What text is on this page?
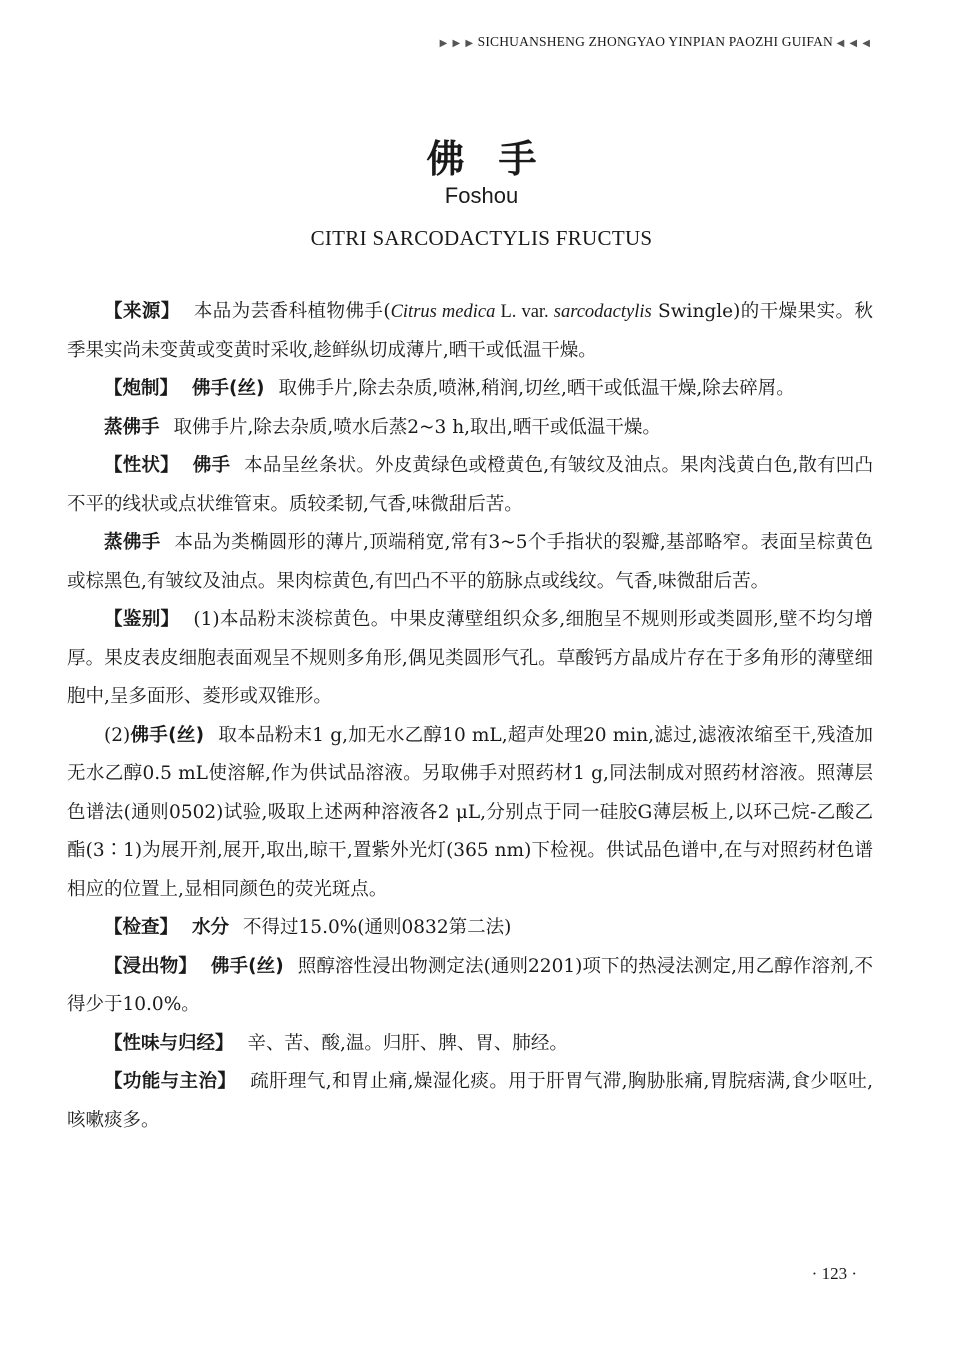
▶ ▶ ▶ SICHUANSHENG ZHONGYAO YINPIAN PAOZHI GUIFAN ◀ ◀ ◀
佛手
Foshou
CITRI SARCODACTYLIS FRUCTUS

【来源】 本品为芸香科植物佛手(Citrus medica L. var. sarcodactylis Swingle)的干燥果实。秋季果实尚未变黄或变黄时采收,趁鲜纵切成薄片,晒干或低温干燥。

【炮制】 佛手(丝) 取佛手片,除去杂质,喷淋,稍润,切丝,晒干或低温干燥,除去碎屑。

蒸佛手 取佛手片,除去杂质,喷水后蒸2~3 h,取出,晒干或低温干燥。

【性状】 佛手 本品呈丝条状。外皮黄绿色或橙黄色,有皱纹及油点。果肉浅黄白色,散有凹凸不平的线状或点状维管束。质较柔韧,气香,味微甜后苦。

蒸佛手 本品为类椭圆形的薄片,顶端稍宽,常有3~5个手指状的裂瓣,基部略窄。表面呈棕黄色或棕黑色,有皱纹及油点。果肉棕黄色,有凹凸不平的筋脉点或线纹。气香,味微甜后苦。

【鉴别】 (1)本品粉末淡棕黄色。中果皮薄壁组织众多,细胞呈不规则形或类圆形,壁不均匀增厚。果皮表皮细胞表面观呈不规则多角形,偶见类圆形气孔。草酸钙方晶成片存在于多角形的薄壁细胞中,呈多面形、菱形或双锥形。

(2)佛手(丝) 取本品粉末1 g,加无水乙醇10 mL,超声处理20 min,滤过,滤液浓缩至干,残渣加无水乙醇0.5 mL使溶解,作为供试品溶液。另取佛手对照药材1 g,同法制成对照药材溶液。照薄层色谱法(通则0502)试验,吸取上述两种溶液各2 μL,分别点于同一硅胶G薄层板上,以环己烷-乙酸乙酯(3∶1)为展开剂,展开,取出,晾干,置紫外光灯(365 nm)下检视。供试品色谱中,在与对照药材色谱相应的位置上,显相同颜色的荧光斑点。

【检查】 水分 不得过15.0%(通则0832第二法)

【浸出物】 佛手(丝) 照醇溶性浸出物测定法(通则2201)项下的热浸法测定,用乙醇作溶剂,不得少于10.0%。

【性味与归经】 辛、苦、酸,温。归肝、脾、胃、肺经。

【功能与主治】 疏肝理气,和胃止痛,燥湿化痰。用于肝胃气滞,胸胁胀痛,胃脘痞满,食少呕吐,咳嗽痰多。

· 123 ·
